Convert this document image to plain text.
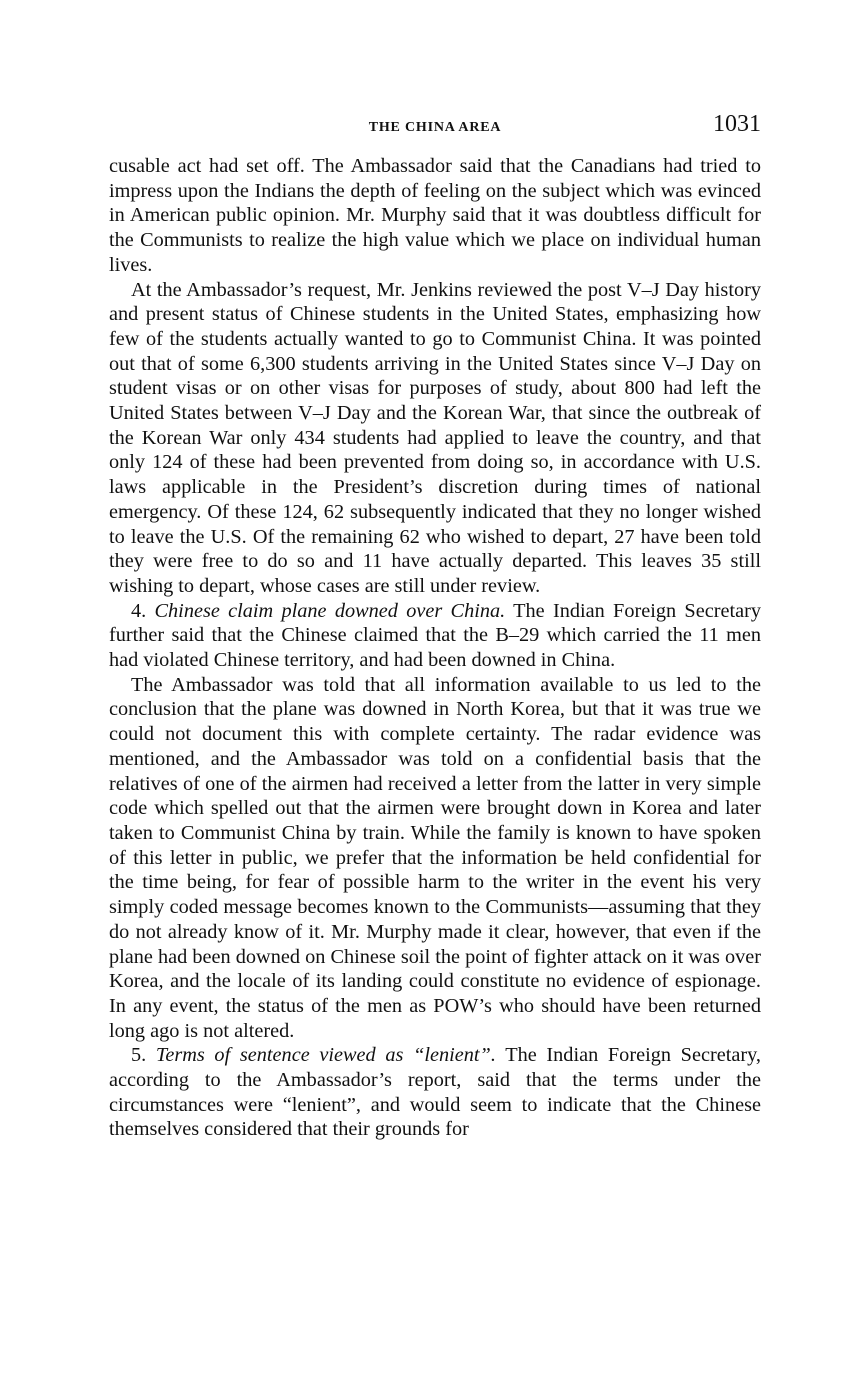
THE CHINA AREA	1031

cusable act had set off. The Ambassador said that the Canadians had tried to impress upon the Indians the depth of feeling on the subject which was evinced in American public opinion. Mr. Murphy said that it was doubtless difficult for the Communists to realize the high value which we place on individual human lives.

At the Ambassador’s request, Mr. Jenkins reviewed the post V–J Day history and present status of Chinese students in the United States, emphasizing how few of the students actually wanted to go to Communist China. It was pointed out that of some 6,300 students arriving in the United States since V–J Day on student visas or on other visas for purposes of study, about 800 had left the United States between V–J Day and the Korean War, that since the outbreak of the Korean War only 434 students had applied to leave the country, and that only 124 of these had been prevented from doing so, in accordance with U.S. laws applicable in the President’s discretion during times of national emergency. Of these 124, 62 subsequently indicated that they no longer wished to leave the U.S. Of the remaining 62 who wished to depart, 27 have been told they were free to do so and 11 have actually departed. This leaves 35 still wishing to depart, whose cases are still under review.

4. Chinese claim plane downed over China. The Indian Foreign Secretary further said that the Chinese claimed that the B–29 which carried the 11 men had violated Chinese territory, and had been downed in China.

The Ambassador was told that all information available to us led to the conclusion that the plane was downed in North Korea, but that it was true we could not document this with complete certainty. The radar evidence was mentioned, and the Ambassador was told on a confidential basis that the relatives of one of the airmen had received a letter from the latter in very simple code which spelled out that the airmen were brought down in Korea and later taken to Communist China by train. While the family is known to have spoken of this letter in public, we prefer that the information be held confidential for the time being, for fear of possible harm to the writer in the event his very simply coded message becomes known to the Communists—assuming that they do not already know of it. Mr. Murphy made it clear, however, that even if the plane had been downed on Chinese soil the point of fighter attack on it was over Korea, and the locale of its landing could constitute no evidence of espionage. In any event, the status of the men as POW’s who should have been returned long ago is not altered.

5. Terms of sentence viewed as “lenient”. The Indian Foreign Secretary, according to the Ambassador’s report, said that the terms under the circumstances were “lenient”, and would seem to indicate that the Chinese themselves considered that their grounds for
